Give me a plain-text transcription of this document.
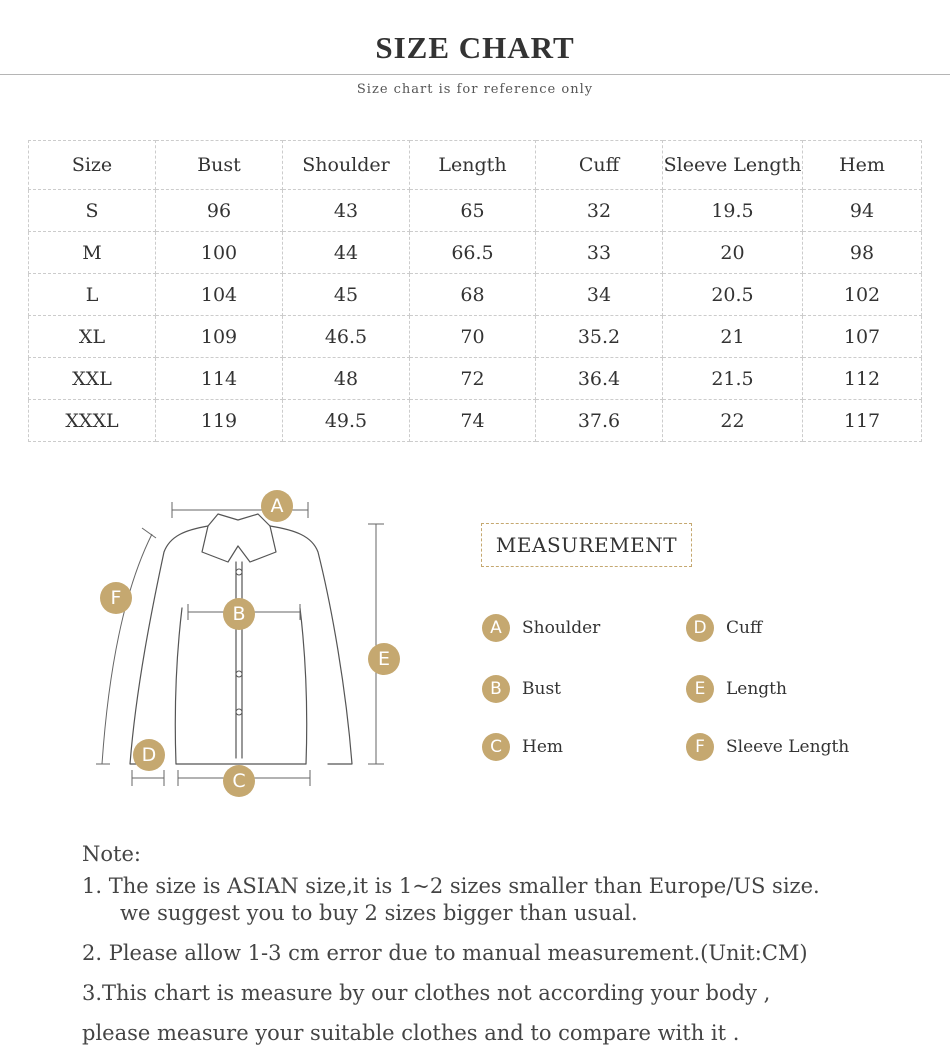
SIZE CHART
Size chart is for reference only
Size	Bust	Shoulder	Length	Cuff	Sleeve Length	Hem
S	96	43	65	32	19.5	94
M	100	44	66.5	33	20	98
L	104	45	68	34	20.5	102
XL	109	46.5	70	35.2	21	107
XXL	114	48	72	36.4	21.5	112
XXXL	119	49.5	74	37.6	22	117
A
B
C
D
E
F
MEASUREMENT
A	Shoulder
B	Bust
C	Hem
D	Cuff
E	Length
F	Sleeve Length
Note:
1. The size is ASIAN size,it is 1~2 sizes smaller than Europe/US size.
we suggest you to buy 2 sizes bigger than usual.
2. Please allow 1-3 cm error due to manual measurement.(Unit:CM)
3.This chart is measure by our clothes not according your body ,
please measure your suitable clothes and to compare with it .
